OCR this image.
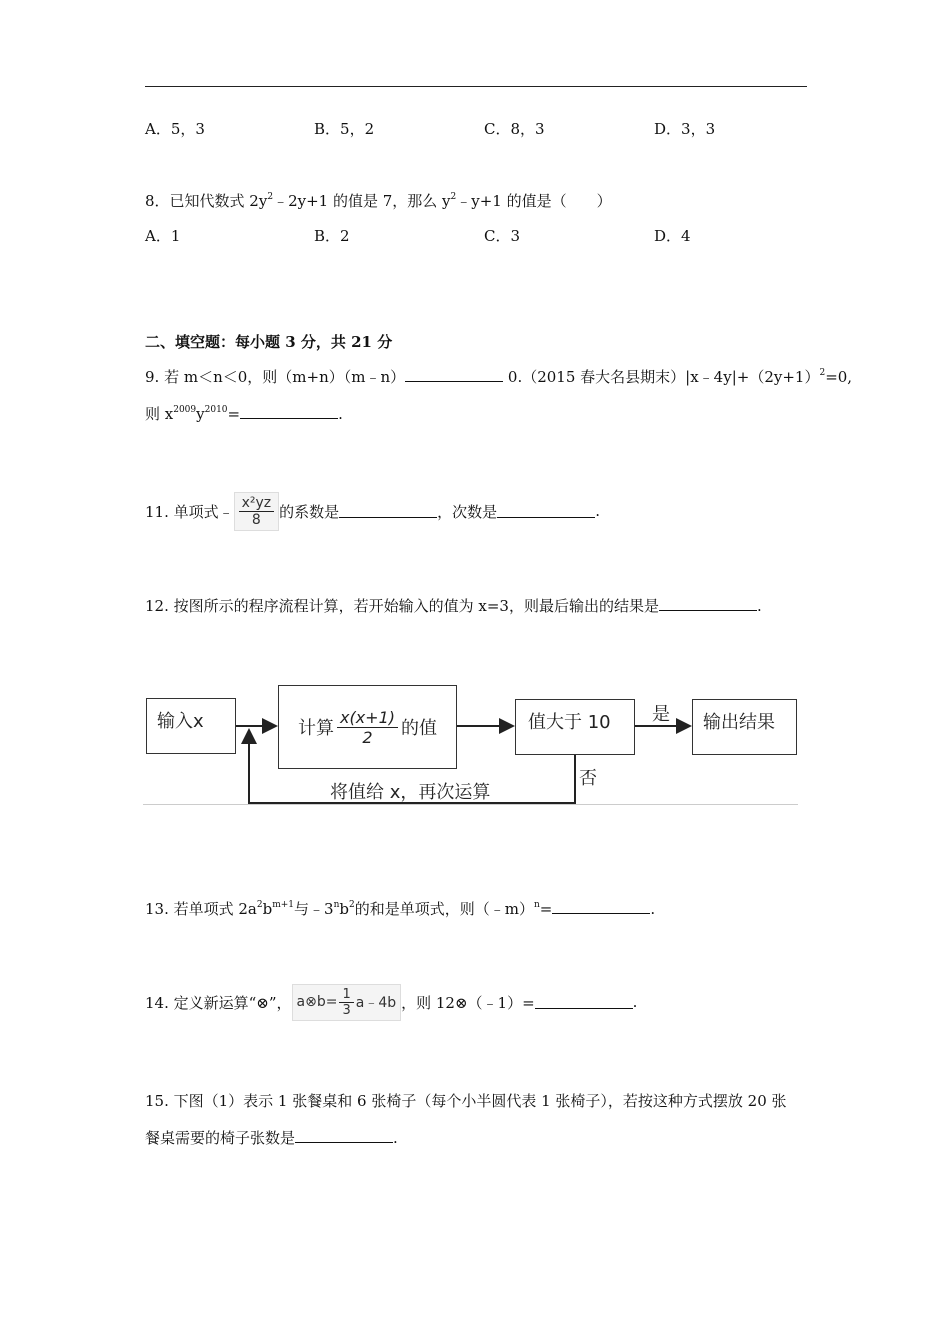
A．5，3	B．5，2	C．8，3	D．3，3
8．已知代数式 $2y^2﹣2y+1$ 的值是 7，那么 $y^2﹣y+1$ 的值是（　　）
A．1	B．2	C．3	D．4
二、填空题：每小题 3 分，共 21 分
9. 若 m＜n＜0，则（m+n）（m﹣n）	0.（2015 春大名县期末）$|x﹣4y|+(2y+1)^2=0$,
则 $x^{2009}y^{2010}=$	.
11. 单项式﹣ $\frac{\text{x²yz}}{8}$ 的系数是	，次数是	.
12. 按图所示的程序流程计算，若开始输入的值为 x=3，则最后输出的结果是	.
输入x	计算 $\frac{x(x+1)}{2}$ 的值	值大于 10	输出结果
是
否
将值给 x，再次运算
13. 若单项式 $2a^2b^{m+1}$与$﹣3^nb^2$的和是单项式，则（﹣m）$^n$=	.
14. 定义新运算“⊗”， a⊗b= $\frac{1}{3}$ a﹣4b ，则 12⊗（﹣1）=	.
15. 下图（1）表示 1 张餐桌和 6 张椅子（每个小半圆代表 1 张椅子），若按这种方式摆放 20 张
餐桌需要的椅子张数是	.
